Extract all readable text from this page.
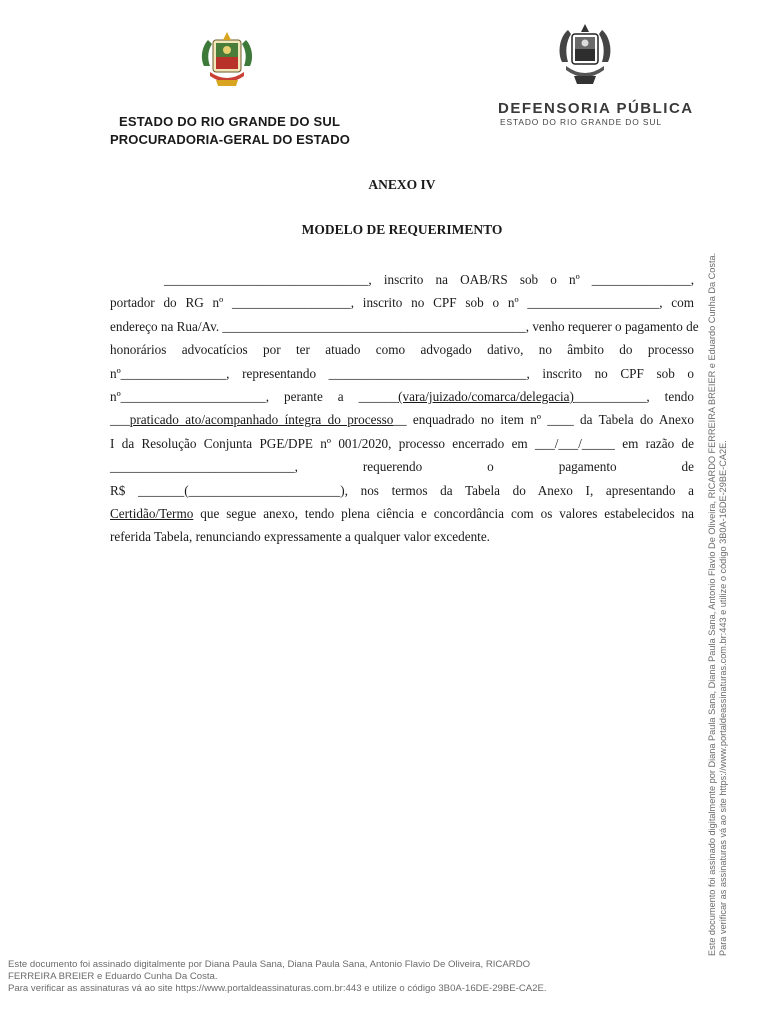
DEFENSORIA PÚBLICA
ESTADO DO RIO GRANDE DO SUL
ESTADO DO RIO GRANDE DO SUL
PROCURADORIA-GERAL DO ESTADO
ANEXO IV
MODELO DE REQUERIMENTO
_______________________________, inscrito na OAB/RS sob o nº _______________,
portador do RG nº __________________, inscrito no CPF sob o nº ____________________, com
endereço na Rua/Av. ______________________________________________, venho requerer o pagamento de
honorários advocatícios por ter atuado como advogado dativo, no âmbito do processo
nº________________, representando ______________________________, inscrito no CPF sob o
nº______________________, perante a ______(vara/juizado/comarca/delegacia)___________, tendo
___praticado ato/acompanhado íntegra do processo__ enquadrado no item nº ____ da Tabela do Anexo
I da Resolução Conjunta PGE/DPE nº 001/2020, processo encerrado em ___/___/_____ em razão de
____________________________, requerendo o pagamento de
R$ _______(_______________________), nos termos da Tabela do Anexo I, apresentando a
Certidão/Termo que segue anexo, tendo plena ciência e concordância com os valores estabelecidos na
referida Tabela, renunciando expressamente a qualquer valor excedente.	Este documento foi assinado digitalmente por Diana Paula Sana, Diana Paula Sana, Antonio Flavio De Oliveira, RICARDO FERREIRA BREIER e Eduardo Cunha Da Costa. Para verificar as assinaturas vá ao site https://www.portaldeassinaturas.com.br:443 e utilize o código 3B0A-16DE-29BE-CA2E.
Este documento foi assinado digitalmente por Diana Paula Sana, Diana Paula Sana, Antonio Flavio De Oliveira, RICARDO
FERREIRA BREIER e Eduardo Cunha Da Costa.
Para verificar as assinaturas vá ao site https://www.portaldeassinaturas.com.br:443 e utilize o código 3B0A-16DE-29BE-CA2E.
